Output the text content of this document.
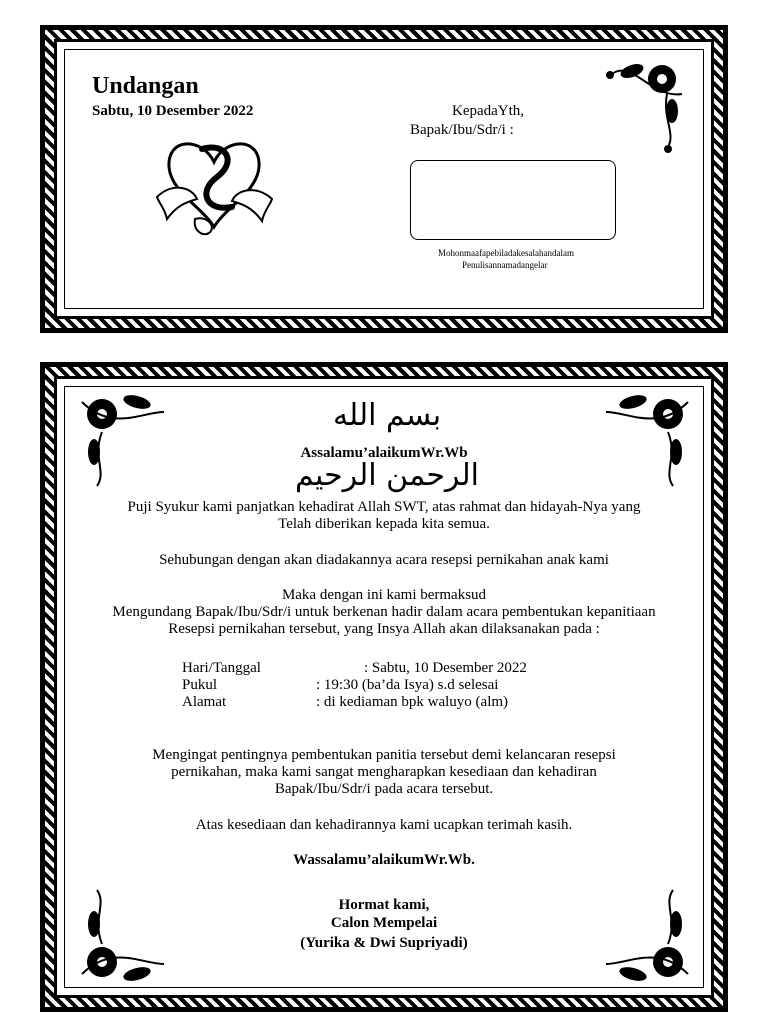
Undangan
Sabtu, 10 Desember 2022	KepadaYth,
Bapak/Ibu/Sdr/i :
Mohonmaafapebiladakesalahandalam
Penulisannamadangelar
بسم الله الرحمن الرحيم
Assalamu’alaikumWr.Wb
Puji Syukur kami panjatkan kehadirat Allah SWT, atas rahmat dan hidayah-Nya yang
Telah diberikan kepada kita semua.
Sehubungan dengan akan diadakannya acara resepsi pernikahan anak kami
Maka dengan ini kami bermaksud
Mengundang Bapak/Ibu/Sdr/i untuk berkenan hadir dalam acara pembentukan kepanitiaan
Resepsi pernikahan tersebut, yang Insya Allah akan dilaksanakan pada :
Hari/Tanggal	: Sabtu, 10 Desember 2022
Pukul	: 19:30 (ba’da Isya) s.d selesai
Alamat	: di kediaman bpk waluyo (alm)
Mengingat pentingnya pembentukan panitia tersebut demi kelancaran resepsi
pernikahan, maka kami sangat mengharapkan kesediaan dan kehadiran
Bapak/Ibu/Sdr/i pada acara tersebut.
Atas kesediaan dan kehadirannya kami ucapkan terimah kasih.
Wassalamu’alaikumWr.Wb.
Hormat kami,
Calon Mempelai
(Yurika & Dwi Supriyadi)
